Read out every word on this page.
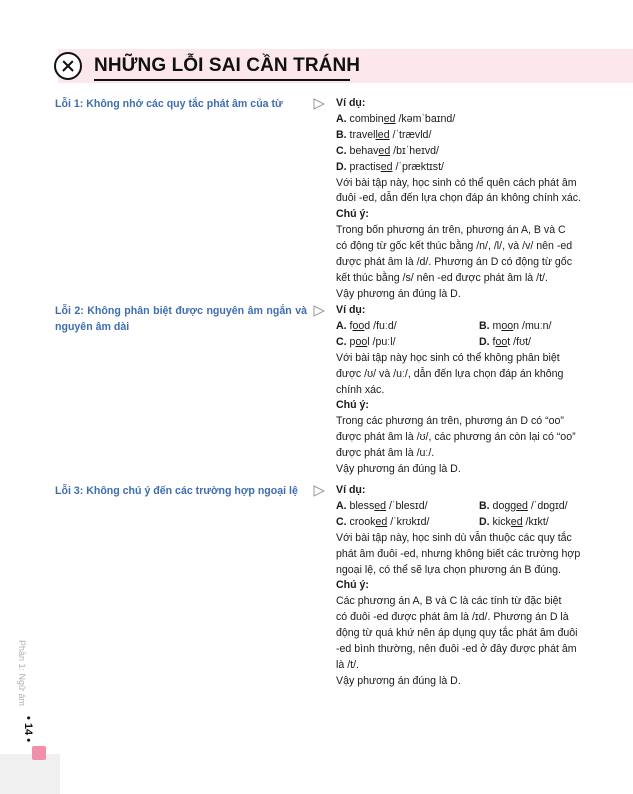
NHỮNG LỖI SAI CẦN TRÁNH
Lỗi 1: Không nhớ các quy tắc phát âm của từ	Ví dụ:

A. combined /kəmˈbaɪnd/

B. travelled /ˈtrævld/

C. behaved /bɪˈheɪvd/

D. practised /ˈpræktɪst/

Với bài tập này, học sinh có thể quên cách phát âm

đuôi -ed, dẫn đến lựa chọn đáp án không chính xác.

Chú ý:

Trong bốn phương án trên, phương án A, B và C

có động từ gốc kết thúc bằng /n/, /l/, và /v/ nên -ed

được phát âm là /d/. Phương án D có động từ gốc

kết thúc bằng /s/ nên -ed được phát âm là /t/.

Vậy phương án đúng là D.

Lỗi 2: Không phân biệt được nguyên âm ngắn và nguyên âm dài

Ví dụ:

A. food /fuːd/	B. moon /muːn/

C. pool /puːl/	D. foot /fʊt/

Với bài tập này học sinh có thể không phân biệt

được /ʊ/ và /uː/, dẫn đến lựa chọn đáp án không

chính xác.

Chú ý:

Trong các phương án trên, phương án D có “oo”

được phát âm là /ʊ/, các phương án còn lại có “oo”

được phát âm là /uː/.

Vậy phương án đúng là D.

Lỗi 3: Không chú ý đến các trường hợp ngoại lệ	Ví dụ:

A. blessed /ˈblesɪd/	B. dogged /ˈdɒgɪd/

C. crooked /ˈkrʊkɪd/	D. kicked /kɪkt/

Với bài tập này, học sinh dù vẫn thuộc các quy tắc

phát âm đuôi -ed, nhưng không biết các trường hợp

ngoại lệ, có thể sẽ lựa chọn phương án B đúng.

Chú ý:

Các phương án A, B và C là các tính từ đặc biệt

có đuôi -ed được phát âm là /ɪd/. Phương án D là

động từ quá khứ nên áp dụng quy tắc phát âm đuôi

-ed bình thường, nên đuôi -ed ở đây được phát âm

là /t/.

Vậy phương án đúng là D.

Phần 1: Ngữ âm
• 14 •
